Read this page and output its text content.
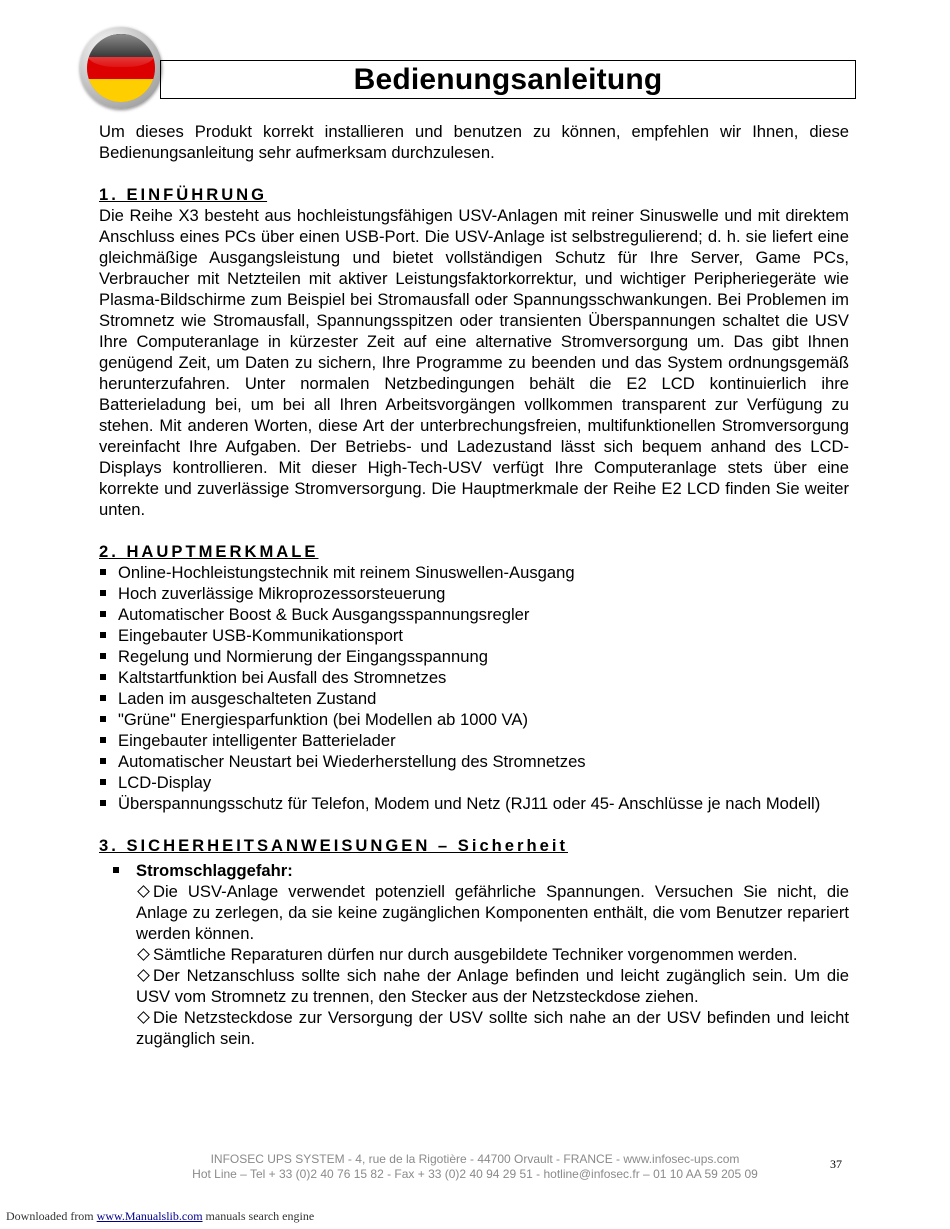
Bedienungsanleitung

Um dieses Produkt korrekt installieren und benutzen zu können, empfehlen wir Ihnen, diese Bedienungsanleitung sehr aufmerksam durchzulesen.

1. EINFÜHRUNG

Die Reihe X3 besteht aus hochleistungsfähigen USV-Anlagen mit reiner Sinuswelle und mit direktem Anschluss eines PCs über einen USB-Port. Die USV-Anlage ist selbstregulierend; d. h. sie liefert eine gleichmäßige Ausgangsleistung und bietet vollständigen Schutz für Ihre Server, Game PCs, Verbraucher mit Netzteilen mit aktiver Leistungsfaktorkorrektur, und wichtiger Peripheriegeräte wie Plasma-Bildschirme zum Beispiel bei Stromausfall oder Spannungsschwankungen. Bei Problemen im Stromnetz wie Stromausfall, Spannungsspitzen oder transienten Überspannungen schaltet die USV Ihre Computeranlage in kürzester Zeit auf eine alternative Stromversorgung um. Das gibt Ihnen genügend Zeit, um Daten zu sichern, Ihre Programme zu beenden und das System ordnungsgemäß herunterzufahren. Unter normalen Netzbedingungen behält die E2 LCD kontinuierlich ihre Batterieladung bei, um bei all Ihren Arbeitsvorgängen vollkommen transparent zur Verfügung zu stehen. Mit anderen Worten, diese Art der unterbrechungsfreien, multifunktionellen Stromversorgung vereinfacht Ihre Aufgaben. Der Betriebs- und Ladezustand lässt sich bequem anhand des LCD-Displays kontrollieren. Mit dieser High-Tech-USV verfügt Ihre Computeranlage stets über eine korrekte und zuverlässige Stromversorgung. Die Hauptmerkmale der Reihe E2 LCD finden Sie weiter unten.

2. HAUPTMERKMALE
Online-Hochleistungstechnik mit reinem Sinuswellen-Ausgang
Hoch zuverlässige Mikroprozessorsteuerung
Automatischer Boost & Buck Ausgangsspannungsregler
Eingebauter USB-Kommunikationsport
Regelung und Normierung der Eingangsspannung
Kaltstartfunktion bei Ausfall des Stromnetzes
Laden im ausgeschalteten Zustand
"Grüne" Energiesparfunktion (bei Modellen ab 1000 VA)
Eingebauter intelligenter Batterielader
Automatischer Neustart bei Wiederherstellung des Stromnetzes
LCD-Display
Überspannungsschutz für Telefon, Modem und Netz (RJ11 oder 45- Anschlüsse je nach Modell)
3. SICHERHEITSANWEISUNGEN – Sicherheit
Stromschlaggefahr:

Die USV-Anlage verwendet potenziell gefährliche Spannungen. Versuchen Sie nicht, die Anlage zu zerlegen, da sie keine zugänglichen Komponenten enthält, die vom Benutzer repariert werden können.

Sämtliche Reparaturen dürfen nur durch ausgebildete Techniker vorgenommen werden.

Der Netzanschluss sollte sich nahe der Anlage befinden und leicht zugänglich sein. Um die USV vom Stromnetz zu trennen, den Stecker aus der Netzsteckdose ziehen.

Die Netzsteckdose zur Versorgung der USV sollte sich nahe an der USV befinden und leicht zugänglich sein.

INFOSEC UPS SYSTEM - 4, rue de la Rigotière - 44700 Orvault - FRANCE - www.infosec-ups.com
Hot Line – Tel + 33 (0)2 40 76 15 82 - Fax + 33 (0)2 40 94 29 51 - hotline@infosec.fr – 01 10 AA 59 205 09
37
Downloaded from www.Manualslib.com manuals search engine
